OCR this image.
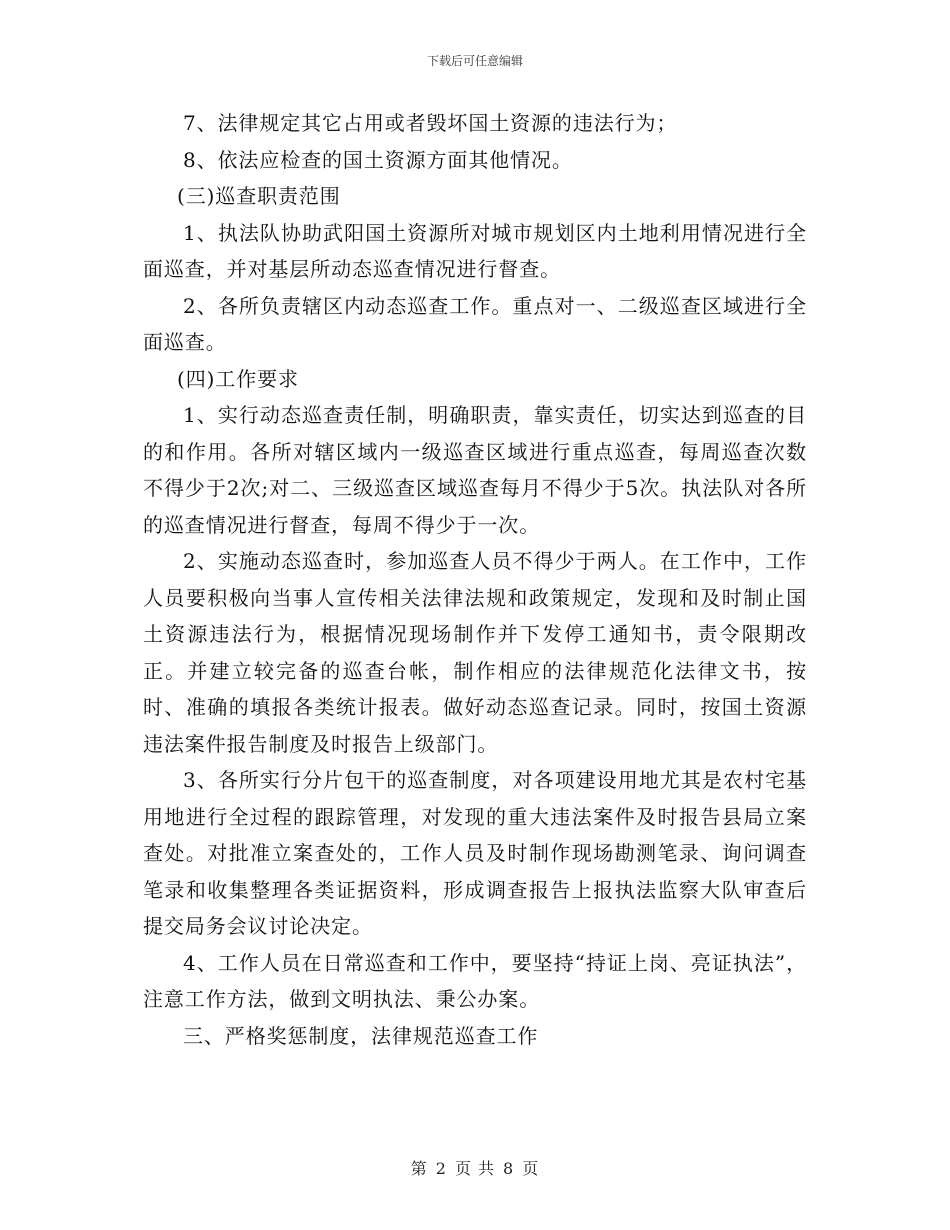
下载后可任意编辑

7、法律规定其它占用或者毁坏国土资源的违法行为；

8、依法应检查的国土资源方面其他情况。

(三)巡查职责范围

1、执法队协助武阳国土资源所对城市规划区内土地利用情况进行全面巡查，并对基层所动态巡查情况进行督查。

2、各所负责辖区内动态巡查工作。重点对一、二级巡查区域进行全面巡查。

(四)工作要求

1、实行动态巡查责任制，明确职责，靠实责任，切实达到巡查的目的和作用。各所对辖区域内一级巡查区域进行重点巡查，每周巡查次数不得少于2次;对二、三级巡查区域巡查每月不得少于5次。执法队对各所的巡查情况进行督查，每周不得少于一次。

2、实施动态巡查时，参加巡查人员不得少于两人。在工作中，工作人员要积极向当事人宣传相关法律法规和政策规定，发现和及时制止国土资源违法行为，根据情况现场制作并下发停工通知书，责令限期改正。并建立较完备的巡查台帐，制作相应的法律规范化法律文书，按时、准确的填报各类统计报表。做好动态巡查记录。同时，按国土资源违法案件报告制度及时报告上级部门。

3、各所实行分片包干的巡查制度，对各项建设用地尤其是农村宅基用地进行全过程的跟踪管理，对发现的重大违法案件及时报告县局立案查处。对批准立案查处的，工作人员及时制作现场勘测笔录、询问调查笔录和收集整理各类证据资料，形成调查报告上报执法监察大队审查后提交局务会议讨论决定。

4、工作人员在日常巡查和工作中，要坚持“持证上岗、亮证执法”，注意工作方法，做到文明执法、秉公办案。

三、严格奖惩制度，法律规范巡查工作

第 2 页 共 8 页
